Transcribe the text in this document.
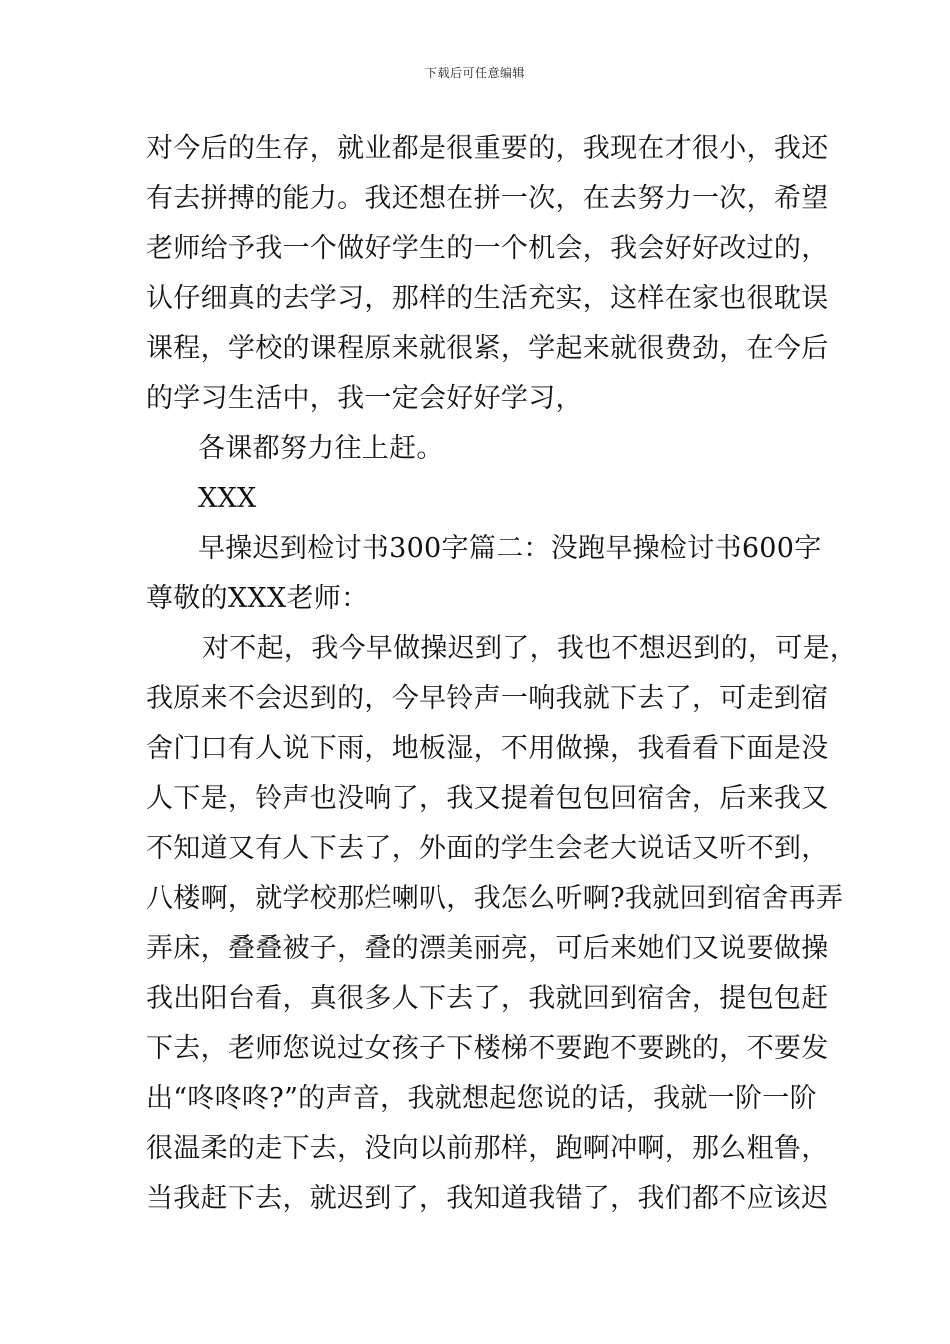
下载后可任意编辑
对今后的生存，就业都是很重要的，我现在才很小，我还
有去拼搏的能力。我还想在拼一次，在去努力一次，希望
老师给予我一个做好学生的一个机会，我会好好改过的，
认仔细真的去学习，那样的生活充实，这样在家也很耽误
课程，学校的课程原来就很紧，学起来就很费劲，在今后
的学习生活中，我一定会好好学习，
各课都努力往上赶。
XXX
早操迟到检讨书300字篇二：没跑早操检讨书600字
尊敬的XXX老师：
对不起，我今早做操迟到了，我也不想迟到的，可是，
我原来不会迟到的，今早铃声一响我就下去了，可走到宿
舍门口有人说下雨，地板湿，不用做操，我看看下面是没
人下是，铃声也没响了，我又提着包包回宿舍，后来我又
不知道又有人下去了，外面的学生会老大说话又听不到，
八楼啊，就学校那烂喇叭，我怎么听啊?我就回到宿舍再弄
弄床，叠叠被子，叠的漂美丽亮，可后来她们又说要做操
我出阳台看，真很多人下去了，我就回到宿舍，提包包赶
下去，老师您说过女孩子下楼梯不要跑不要跳的，不要发
出“咚咚咚?”的声音，我就想起您说的话，我就一阶一阶
很温柔的走下去，没向以前那样，跑啊冲啊，那么粗鲁，
当我赶下去，就迟到了，我知道我错了，我们都不应该迟
